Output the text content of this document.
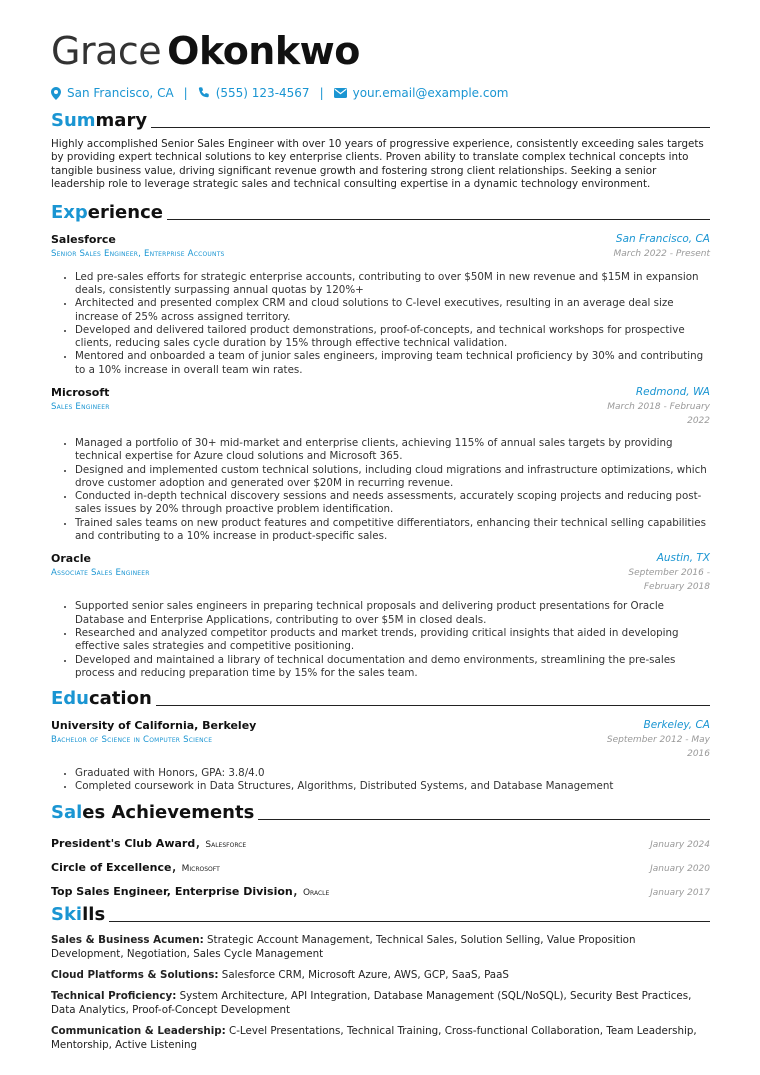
Grace Okonkwo
San Francisco, CA | (555) 123-4567 | your.email@example.com
Summary
Highly accomplished Senior Sales Engineer with over 10 years of progressive experience, consistently exceeding sales targets by providing expert technical solutions to key enterprise clients. Proven ability to translate complex technical concepts into tangible business value, driving significant revenue growth and fostering strong client relationships. Seeking a senior leadership role to leverage strategic sales and technical consulting expertise in a dynamic technology environment.
Experience
Salesforce
Senior Sales Engineer, Enterprise Accounts
San Francisco, CA
March 2022 - Present
• Led pre-sales efforts for strategic enterprise accounts, contributing to over $50M in new revenue and $15M in expansion deals, consistently surpassing annual quotas by 120%+
• Architected and presented complex CRM and cloud solutions to C-level executives, resulting in an average deal size increase of 25% across assigned territory.
• Developed and delivered tailored product demonstrations, proof-of-concepts, and technical workshops for prospective clients, reducing sales cycle duration by 15% through effective technical validation.
• Mentored and onboarded a team of junior sales engineers, improving team technical proficiency by 30% and contributing to a 10% increase in overall team win rates.
Microsoft
Sales Engineer
Redmond, WA
March 2018 - February 2022
• Managed a portfolio of 30+ mid-market and enterprise clients, achieving 115% of annual sales targets by providing technical expertise for Azure cloud solutions and Microsoft 365.
• Designed and implemented custom technical solutions, including cloud migrations and infrastructure optimizations, which drove customer adoption and generated over $20M in recurring revenue.
• Conducted in-depth technical discovery sessions and needs assessments, accurately scoping projects and reducing post-sales issues by 20% through proactive problem identification.
• Trained sales teams on new product features and competitive differentiators, enhancing their technical selling capabilities and contributing to a 10% increase in product-specific sales.
Oracle
Associate Sales Engineer
Austin, TX
September 2016 - February 2018
• Supported senior sales engineers in preparing technical proposals and delivering product presentations for Oracle Database and Enterprise Applications, contributing to over $5M in closed deals.
• Researched and analyzed competitor products and market trends, providing critical insights that aided in developing effective sales strategies and competitive positioning.
• Developed and maintained a library of technical documentation and demo environments, streamlining the pre-sales process and reducing preparation time by 15% for the sales team.
Education
University of California, Berkeley
Bachelor of Science in Computer Science
Berkeley, CA
September 2012 - May 2016
• Graduated with Honors, GPA: 3.8/4.0
• Completed coursework in Data Structures, Algorithms, Distributed Systems, and Database Management
Sales Achievements
President's Club Award, Salesforce	January 2024
Circle of Excellence, Microsoft	January 2020
Top Sales Engineer, Enterprise Division, Oracle	January 2017
Skills
Sales & Business Acumen: Strategic Account Management, Technical Sales, Solution Selling, Value Proposition Development, Negotiation, Sales Cycle Management
Cloud Platforms & Solutions: Salesforce CRM, Microsoft Azure, AWS, GCP, SaaS, PaaS
Technical Proficiency: System Architecture, API Integration, Database Management (SQL/NoSQL), Security Best Practices, Data Analytics, Proof-of-Concept Development
Communication & Leadership: C-Level Presentations, Technical Training, Cross-functional Collaboration, Team Leadership, Mentorship, Active Listening
